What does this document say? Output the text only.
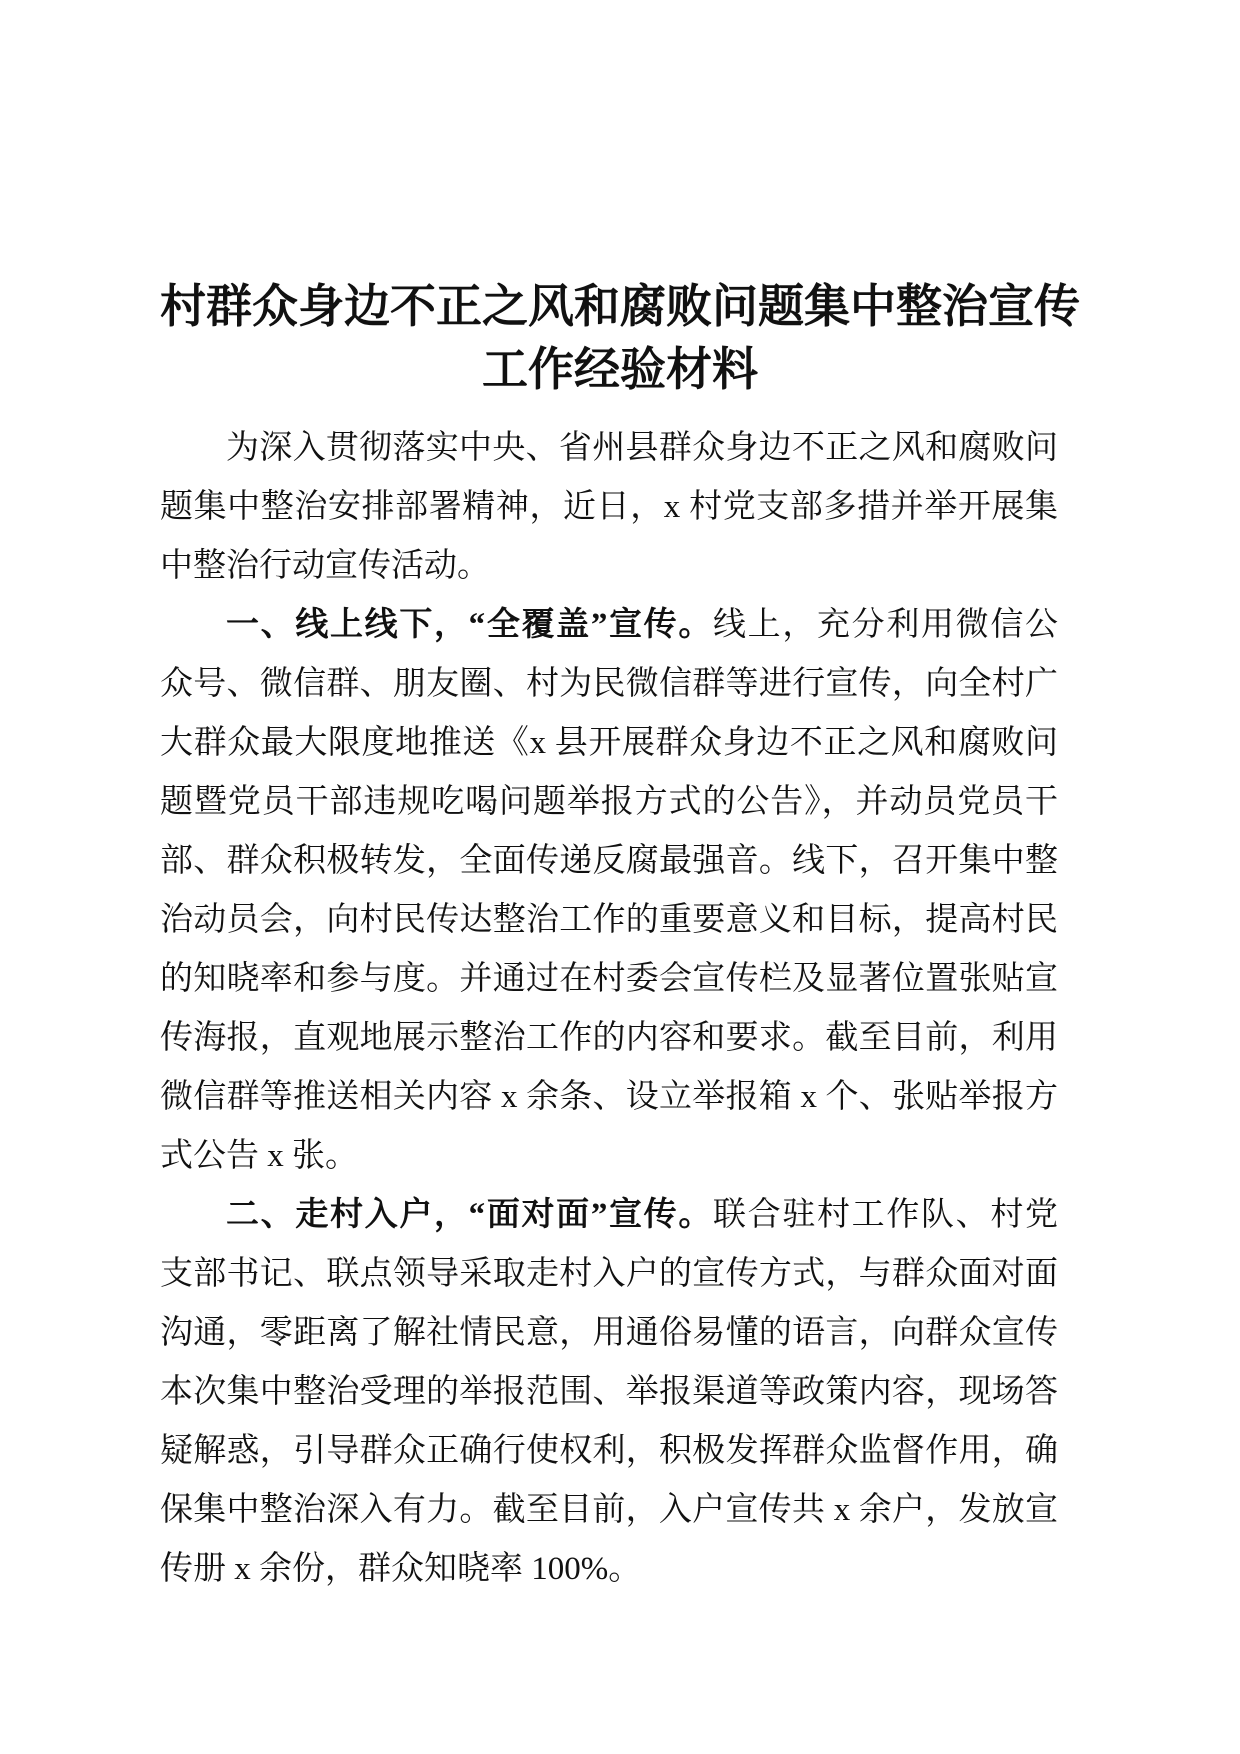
村群众身边不正之风和腐败问题集中整治宣传
工作经验材料
为深入贯彻落实中央、省州县群众身边不正之风和腐败问
题集中整治安排部署精神，近日，x 村党支部多措并举开展集
中整治行动宣传活动。
一、线上线下，“全覆盖”宣传。线上，充分利用微信公
众号、微信群、朋友圈、村为民微信群等进行宣传，向全村广
大群众最大限度地推送《x 县开展群众身边不正之风和腐败问
题暨党员干部违规吃喝问题举报方式的公告》，并动员党员干
部、群众积极转发，全面传递反腐最强音。线下，召开集中整
治动员会，向村民传达整治工作的重要意义和目标，提高村民
的知晓率和参与度。并通过在村委会宣传栏及显著位置张贴宣
传海报，直观地展示整治工作的内容和要求。截至目前，利用
微信群等推送相关内容 x 余条、设立举报箱 x 个、张贴举报方
式公告 x 张。
二、走村入户，“面对面”宣传。联合驻村工作队、村党
支部书记、联点领导采取走村入户的宣传方式，与群众面对面
沟通，零距离了解社情民意，用通俗易懂的语言，向群众宣传
本次集中整治受理的举报范围、举报渠道等政策内容，现场答
疑解惑，引导群众正确行使权利，积极发挥群众监督作用，确
保集中整治深入有力。截至目前，入户宣传共 x 余户，发放宣
传册 x 余份，群众知晓率 100%。
